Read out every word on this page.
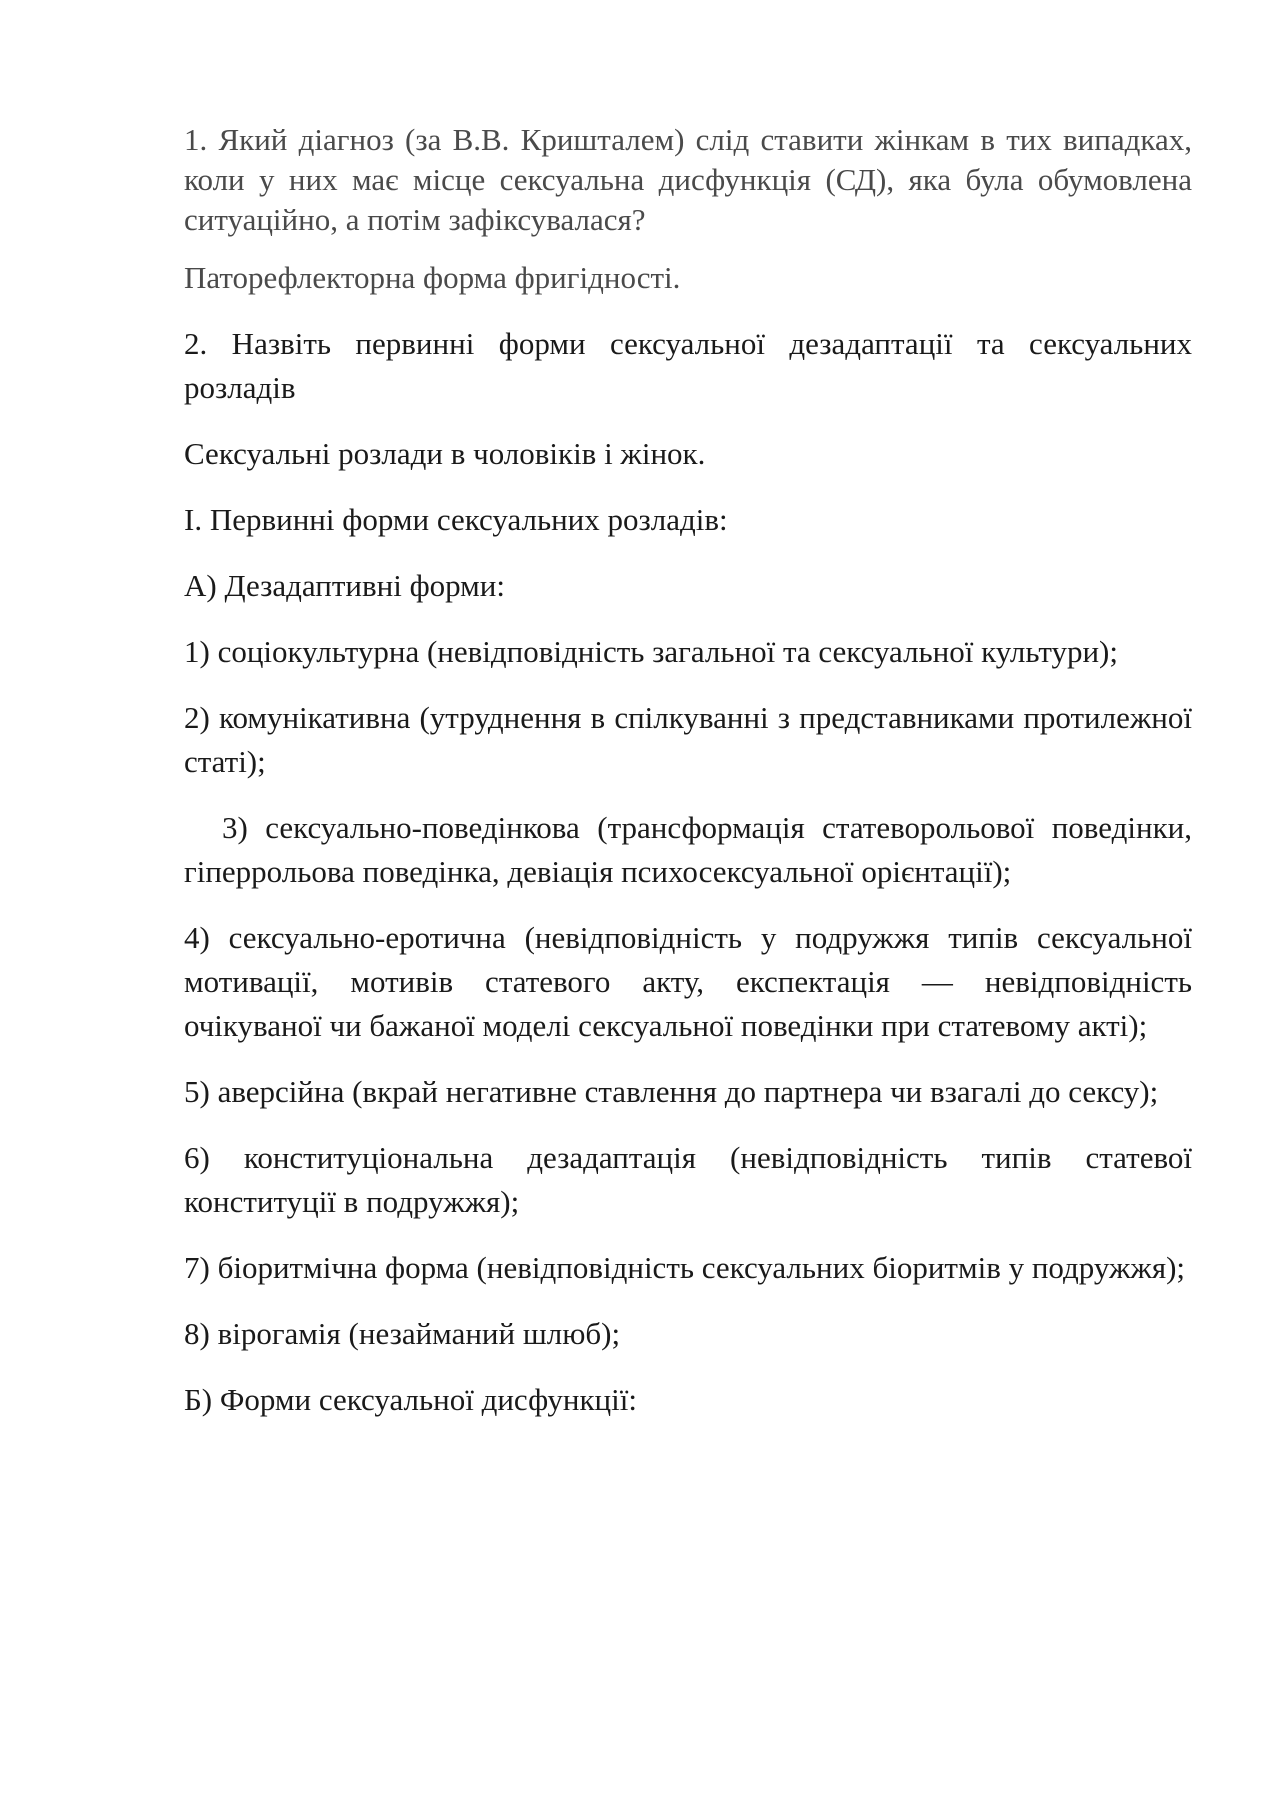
1. Який діагноз (за В.В. Кришталем) слід ставити жінкам в тих випадках, коли у них має місце сексуальна дисфункція (СД), яка була обумовлена ситуаційно, а потім зафіксувалася?

Паторефлекторна форма фригідності.

2. Назвіть первинні форми сексуальної дезадаптації та сексуальних розладів

Сексуальні розлади в чоловіків і жінок.

І. Первинні форми сексуальних розладів:

А) Дезадаптивні форми:

1) соціокультурна (невідповідність загальної та сексуальної культури);

2) комунікативна (утруднення в спілкуванні з представниками протилежної статі);

3) сексуально-поведінкова (трансформація статеворольової поведінки, гіперрольова поведінка, девіація психосексуальної орієнтації);

4) сексуально-еротична (невідповідність у подружжя типів сексуальної мотивації, мотивів статевого акту, експектація — невідповідність очікуваної чи бажаної моделі сексуальної поведінки при статевому акті);

5) аверсійна (вкрай негативне ставлення до партнера чи взагалі до сексу);

6) конституціональна дезадаптація (невідповідність типів статевої конституції в подружжя);

7) біоритмічна форма (невідповідність сексуальних біоритмів у подружжя);

8) вірогамія (незайманий шлюб);

Б) Форми сексуальної дисфункції:
